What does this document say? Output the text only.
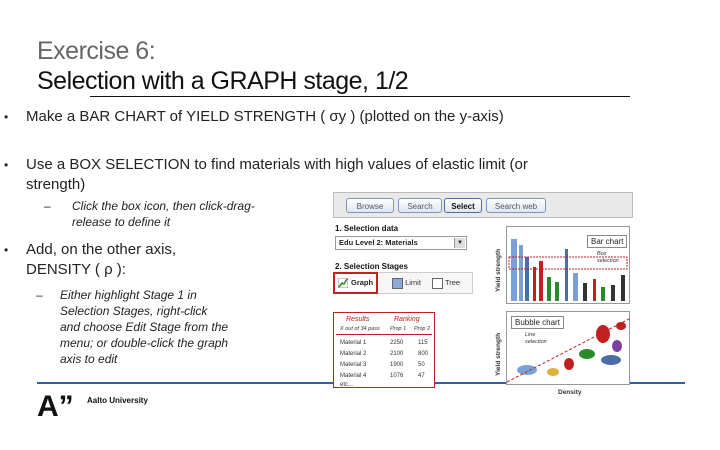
Exercise 6:
Selection with a GRAPH stage, 1/2
• Make a BAR CHART of YIELD STRENGTH ( σy ) (plotted on the y-axis)
• Use a BOX SELECTION to find materials with high values of elastic limit (or strength)
– Click the box icon, then click-drag-release to define it
• Add, on the other axis, DENSITY ( ρ ):
– Either highlight Stage 1 in Selection Stages, right-click and choose Edit Stage from the menu; or double-click the graph axis to edit
A”	Aalto University
Browse	Search	Select	Search web
1. Selection data
Edu Level 2: Materials	▼
2. Selection Stages
Graph	Limit	Tree
Results	Ranking
X out of 34 pass Prop 1 Prop 2
Material 1	2250 115
Material 2	2100 800
Material 3	1900 50
Material 4	1076 47
etc...
Bar chart
Box selection
Yield strength
Bubble chart
Line selection
Yield strength
Density
